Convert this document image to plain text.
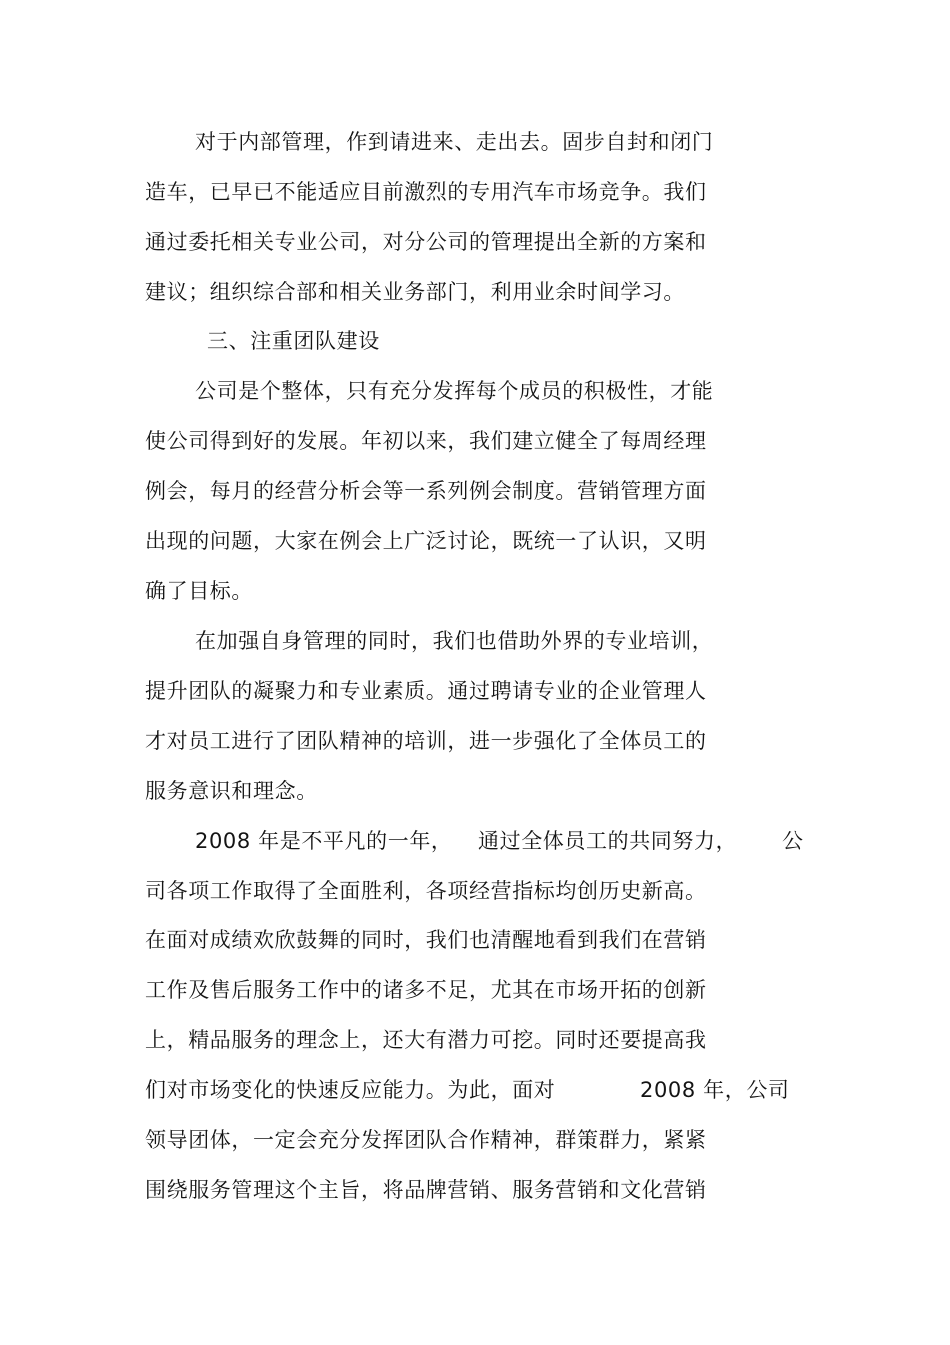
对于内部管理，作到请进来、走出去。固步自封和闭门
造车，已早已不能适应目前激烈的专用汽车市场竞争。我们
通过委托相关专业公司，对分公司的管理提出全新的方案和
建议；组织综合部和相关业务部门，利用业余时间学习。
三、注重团队建设
公司是个整体，只有充分发挥每个成员的积极性，才能
使公司得到好的发展。年初以来，我们建立健全了每周经理
例会，每月的经营分析会等一系列例会制度。营销管理方面
出现的问题，大家在例会上广泛讨论，既统一了认识，又明
确了目标。
在加强自身管理的同时，我们也借助外界的专业培训，
提升团队的凝聚力和专业素质。通过聘请专业的企业管理人
才对员工进行了团队精神的培训，进一步强化了全体员工的
服务意识和理念。
2008 年是不平凡的一年， 通过全体员工的共同努力， 公
司各项工作取得了全面胜利，各项经营指标均创历史新高。
在面对成绩欢欣鼓舞的同时，我们也清醒地看到我们在营销
工作及售后服务工作中的诸多不足，尤其在市场开拓的创新
上，精品服务的理念上，还大有潜力可挖。同时还要提高我
们对市场变化的快速反应能力。为此，面对	2008 年，公司
领导团体，一定会充分发挥团队合作精神，群策群力，紧紧
围绕服务管理这个主旨，将品牌营销、服务营销和文化营销
